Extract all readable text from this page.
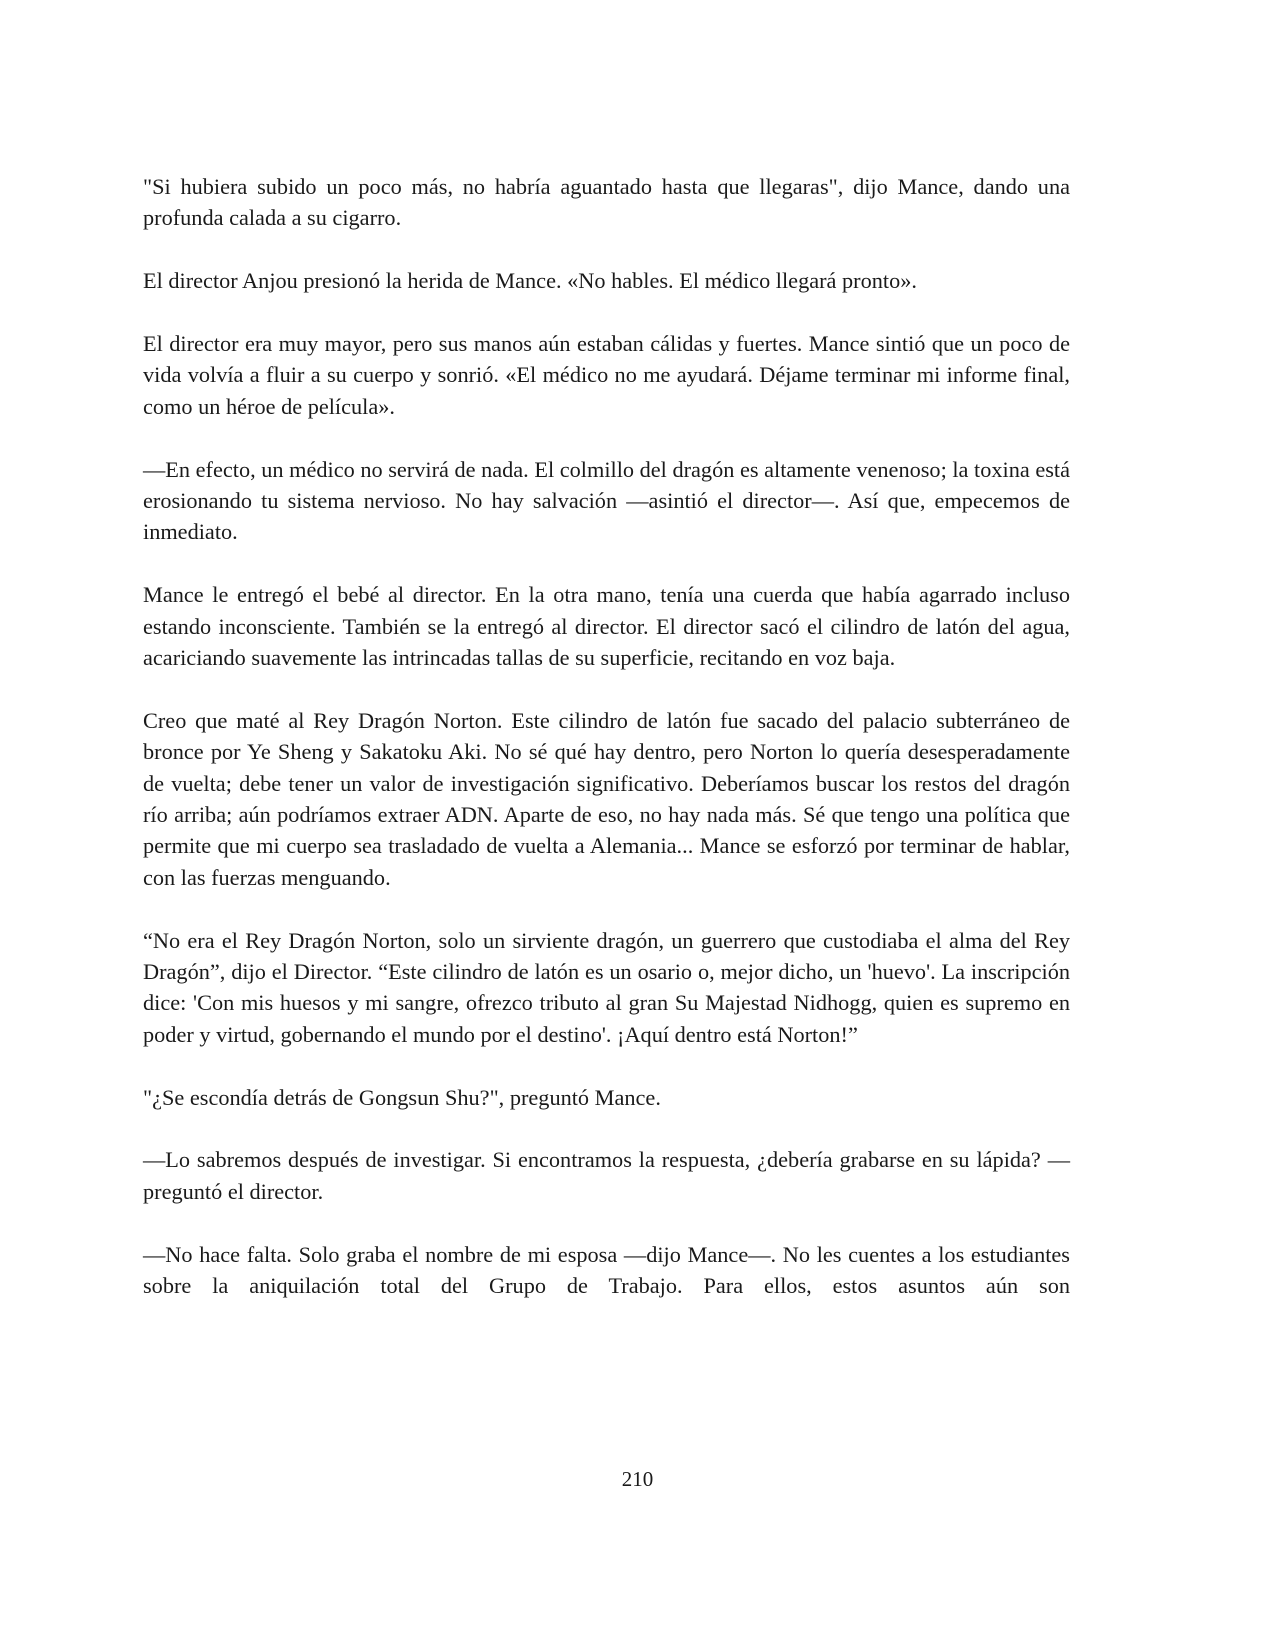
"Si hubiera subido un poco más, no habría aguantado hasta que llegaras", dijo Mance, dando una profunda calada a su cigarro.

El director Anjou presionó la herida de Mance. «No hables. El médico llegará pronto».

El director era muy mayor, pero sus manos aún estaban cálidas y fuertes. Mance sintió que un poco de vida volvía a fluir a su cuerpo y sonrió. «El médico no me ayudará. Déjame terminar mi informe final, como un héroe de película».

—En efecto, un médico no servirá de nada. El colmillo del dragón es altamente venenoso; la toxina está erosionando tu sistema nervioso. No hay salvación —asintió el director—. Así que, empecemos de inmediato.

Mance le entregó el bebé al director. En la otra mano, tenía una cuerda que había agarrado incluso estando inconsciente. También se la entregó al director. El director sacó el cilindro de latón del agua, acariciando suavemente las intrincadas tallas de su superficie, recitando en voz baja.

Creo que maté al Rey Dragón Norton. Este cilindro de latón fue sacado del palacio subterráneo de bronce por Ye Sheng y Sakatoku Aki. No sé qué hay dentro, pero Norton lo quería desesperadamente de vuelta; debe tener un valor de investigación significativo. Deberíamos buscar los restos del dragón río arriba; aún podríamos extraer ADN. Aparte de eso, no hay nada más. Sé que tengo una política que permite que mi cuerpo sea trasladado de vuelta a Alemania... Mance se esforzó por terminar de hablar, con las fuerzas menguando.

“No era el Rey Dragón Norton, solo un sirviente dragón, un guerrero que custodiaba el alma del Rey Dragón”, dijo el Director. “Este cilindro de latón es un osario o, mejor dicho, un 'huevo'. La inscripción dice: 'Con mis huesos y mi sangre, ofrezco tributo al gran Su Majestad Nidhogg, quien es supremo en poder y virtud, gobernando el mundo por el destino'. ¡Aquí dentro está Norton!”

"¿Se escondía detrás de Gongsun Shu?", preguntó Mance.

—Lo sabremos después de investigar. Si encontramos la respuesta, ¿debería grabarse en su lápida? —preguntó el director.

—No hace falta. Solo graba el nombre de mi esposa —dijo Mance—. No les cuentes a los estudiantes sobre la aniquilación total del Grupo de Trabajo. Para ellos, estos asuntos aún son

210
